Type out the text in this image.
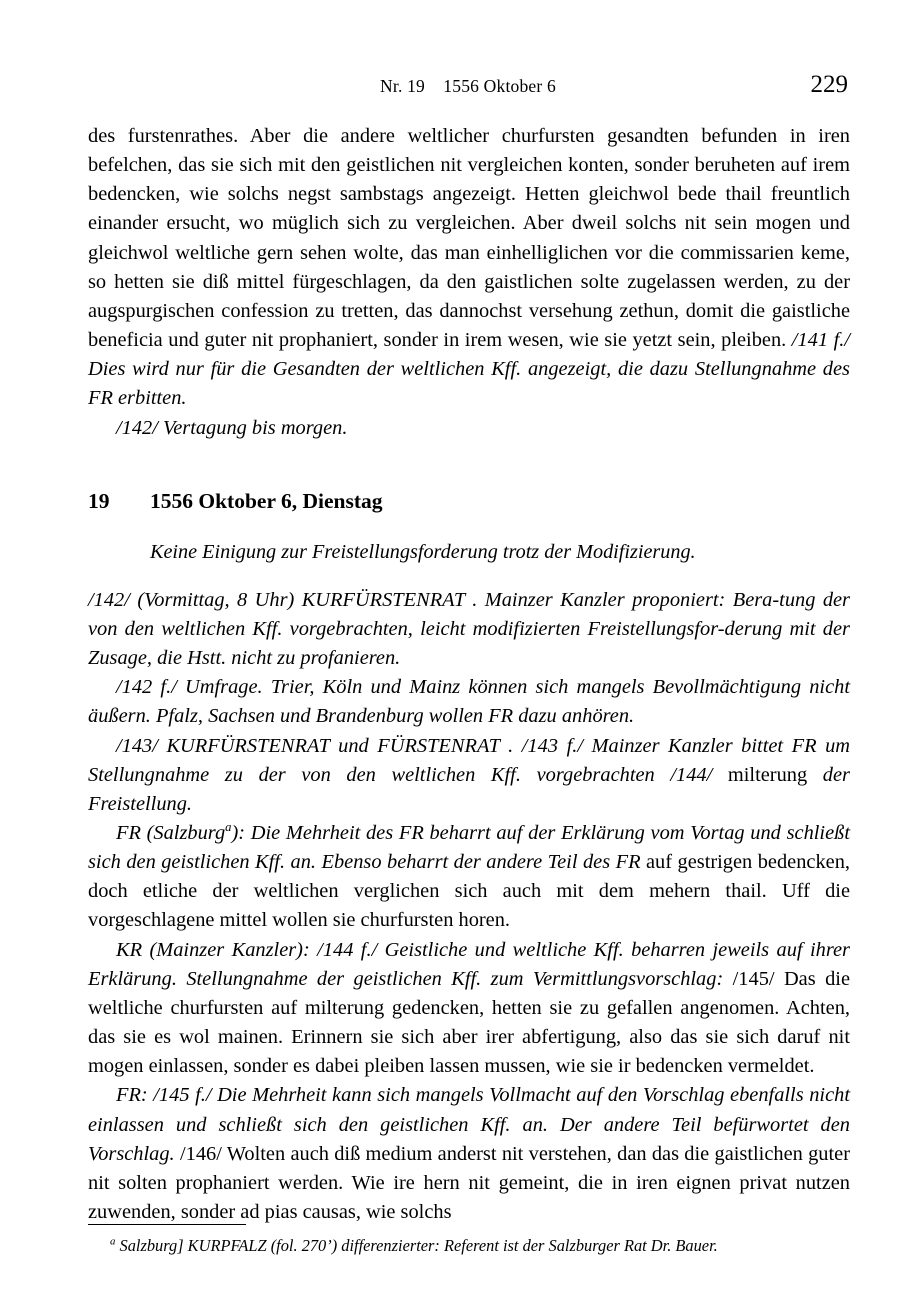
Nr. 19    1556 Oktober 6	229

des furstenrathes. Aber die andere weltlicher churfursten gesandten befunden in iren befelchen, das sie sich mit den geistlichen nit vergleichen konten, sonder beruheten auf irem bedencken, wie solchs negst sambstags angezeigt. Hetten gleichwol bede thail freuntlich einander ersucht, wo müglich sich zu vergleichen. Aber dweil solchs nit sein mogen und gleichwol weltliche gern sehen wolte, das man einhelliglichen vor die commissarien keme, so hetten sie diß mittel fürgeschlagen, da den gaistlichen solte zugelassen werden, zu der augspurgischen confession zu tretten, das dannochst versehung zethun, domit die gaistliche beneficia und guter nit prophaniert, sonder in irem wesen, wie sie yetzt sein, pleiben. /141 f./ Dies wird nur für die Gesandten der weltlichen Kff. angezeigt, die dazu Stellungnahme des FR erbitten.

/142/ Vertagung bis morgen.

19 1556 Oktober 6, Dienstag

Keine Einigung zur Freistellungsforderung trotz der Modifizierung.

/142/ (Vormittag, 8 Uhr) KURFÜRSTENRAT . Mainzer Kanzler proponiert: Bera-tung der von den weltlichen Kff. vorgebrachten, leicht modifizierten Freistellungsfor-derung mit der Zusage, die Hstt. nicht zu profanieren.

/142 f./ Umfrage. Trier, Köln und Mainz können sich mangels Bevollmächtigung nicht äußern. Pfalz, Sachsen und Brandenburg wollen FR dazu anhören.

/143/ KURFÜRSTENRAT und FÜRSTENRAT . /143 f./ Mainzer Kanzler bittet FR um Stellungnahme zu der von den weltlichen Kff. vorgebrachten /144/ milterung der Freistellung.

FR (Salzburg$^a$): Die Mehrheit des FR beharrt auf der Erklärung vom Vortag und schließt sich den geistlichen Kff. an. Ebenso beharrt der andere Teil des FR auf gestrigen bedencken, doch etliche der weltlichen verglichen sich auch mit dem mehern thail. Uff die vorgeschlagene mittel wollen sie churfursten horen.

KR (Mainzer Kanzler): /144 f./ Geistliche und weltliche Kff. beharren jeweils auf ihrer Erklärung. Stellungnahme der geistlichen Kff. zum Vermittlungsvorschlag: /145/ Das die weltliche churfursten auf milterung gedencken, hetten sie zu gefallen angenomen. Achten, das sie es wol mainen. Erinnern sie sich aber irer abfertigung, also das sie sich daruf nit mogen einlassen, sonder es dabei pleiben lassen mussen, wie sie ir bedencken vermeldet.

FR: /145 f./ Die Mehrheit kann sich mangels Vollmacht auf den Vorschlag ebenfalls nicht einlassen und schließt sich den geistlichen Kff. an. Der andere Teil befürwortet den Vorschlag. /146/ Wolten auch diß medium anderst nit verstehen, dan das die gaistlichen guter nit solten prophaniert werden. Wie ire hern nit gemeint, die in iren eignen privat nutzen zuwenden, sonder ad pias causas, wie solchs

$^a$ Salzburg] KURPFALZ (fol. 270’) differenzierter: Referent ist der Salzburger Rat Dr. Bauer.
